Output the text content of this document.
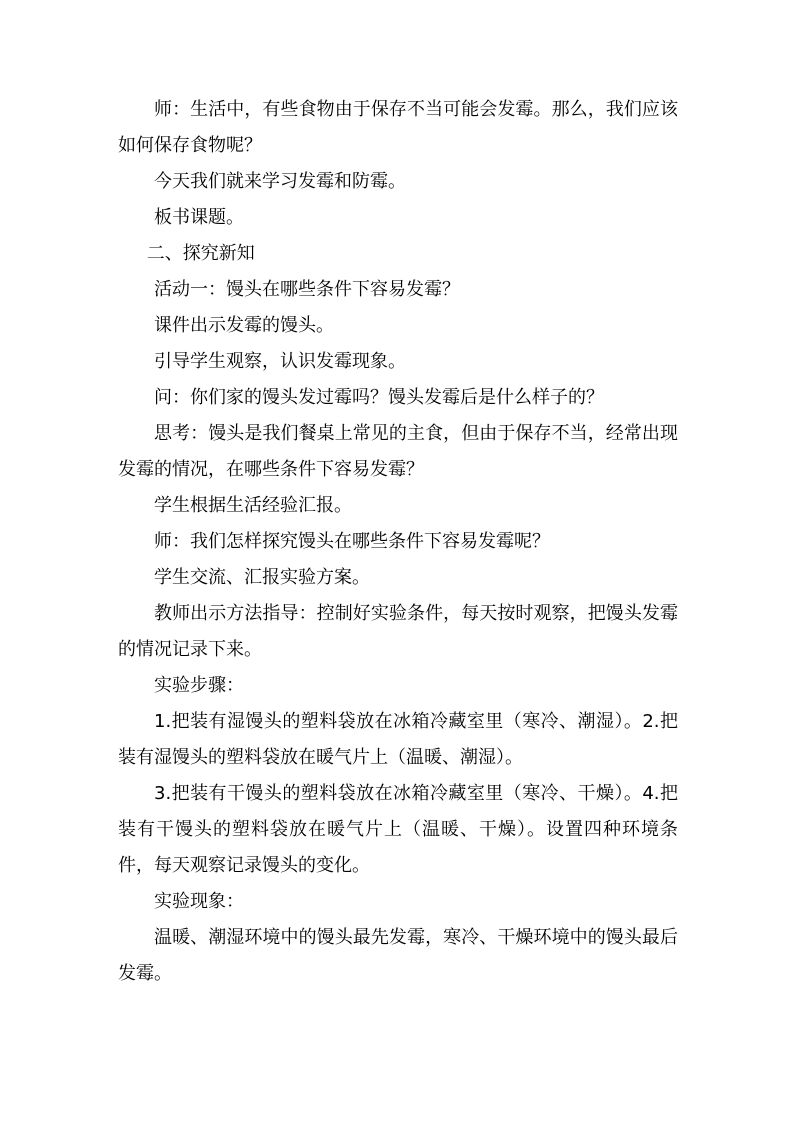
师：生活中，有些食物由于保存不当可能会发霉。那么，我们应该如何保存食物呢？

今天我们就来学习发霉和防霉。

板书课题。

二、探究新知

活动一：馒头在哪些条件下容易发霉？

课件出示发霉的馒头。

引导学生观察，认识发霉现象。

问：你们家的馒头发过霉吗？馒头发霉后是什么样子的？

思考：馒头是我们餐桌上常见的主食，但由于保存不当，经常出现发霉的情况，在哪些条件下容易发霉？

学生根据生活经验汇报。

师：我们怎样探究馒头在哪些条件下容易发霉呢？

学生交流、汇报实验方案。

教师出示方法指导：控制好实验条件，每天按时观察，把馒头发霉的情况记录下来。

实验步骤：

1.把装有湿馒头的塑料袋放在冰箱冷藏室里（寒冷、潮湿）。2.把装有湿馒头的塑料袋放在暖气片上（温暖、潮湿）。

3.把装有干馒头的塑料袋放在冰箱冷藏室里（寒冷、干燥）。4.把装有干馒头的塑料袋放在暖气片上（温暖、干燥）。设置四种环境条件，每天观察记录馒头的变化。

实验现象：

温暖、潮湿环境中的馒头最先发霉，寒冷、干燥环境中的馒头最后发霉。
